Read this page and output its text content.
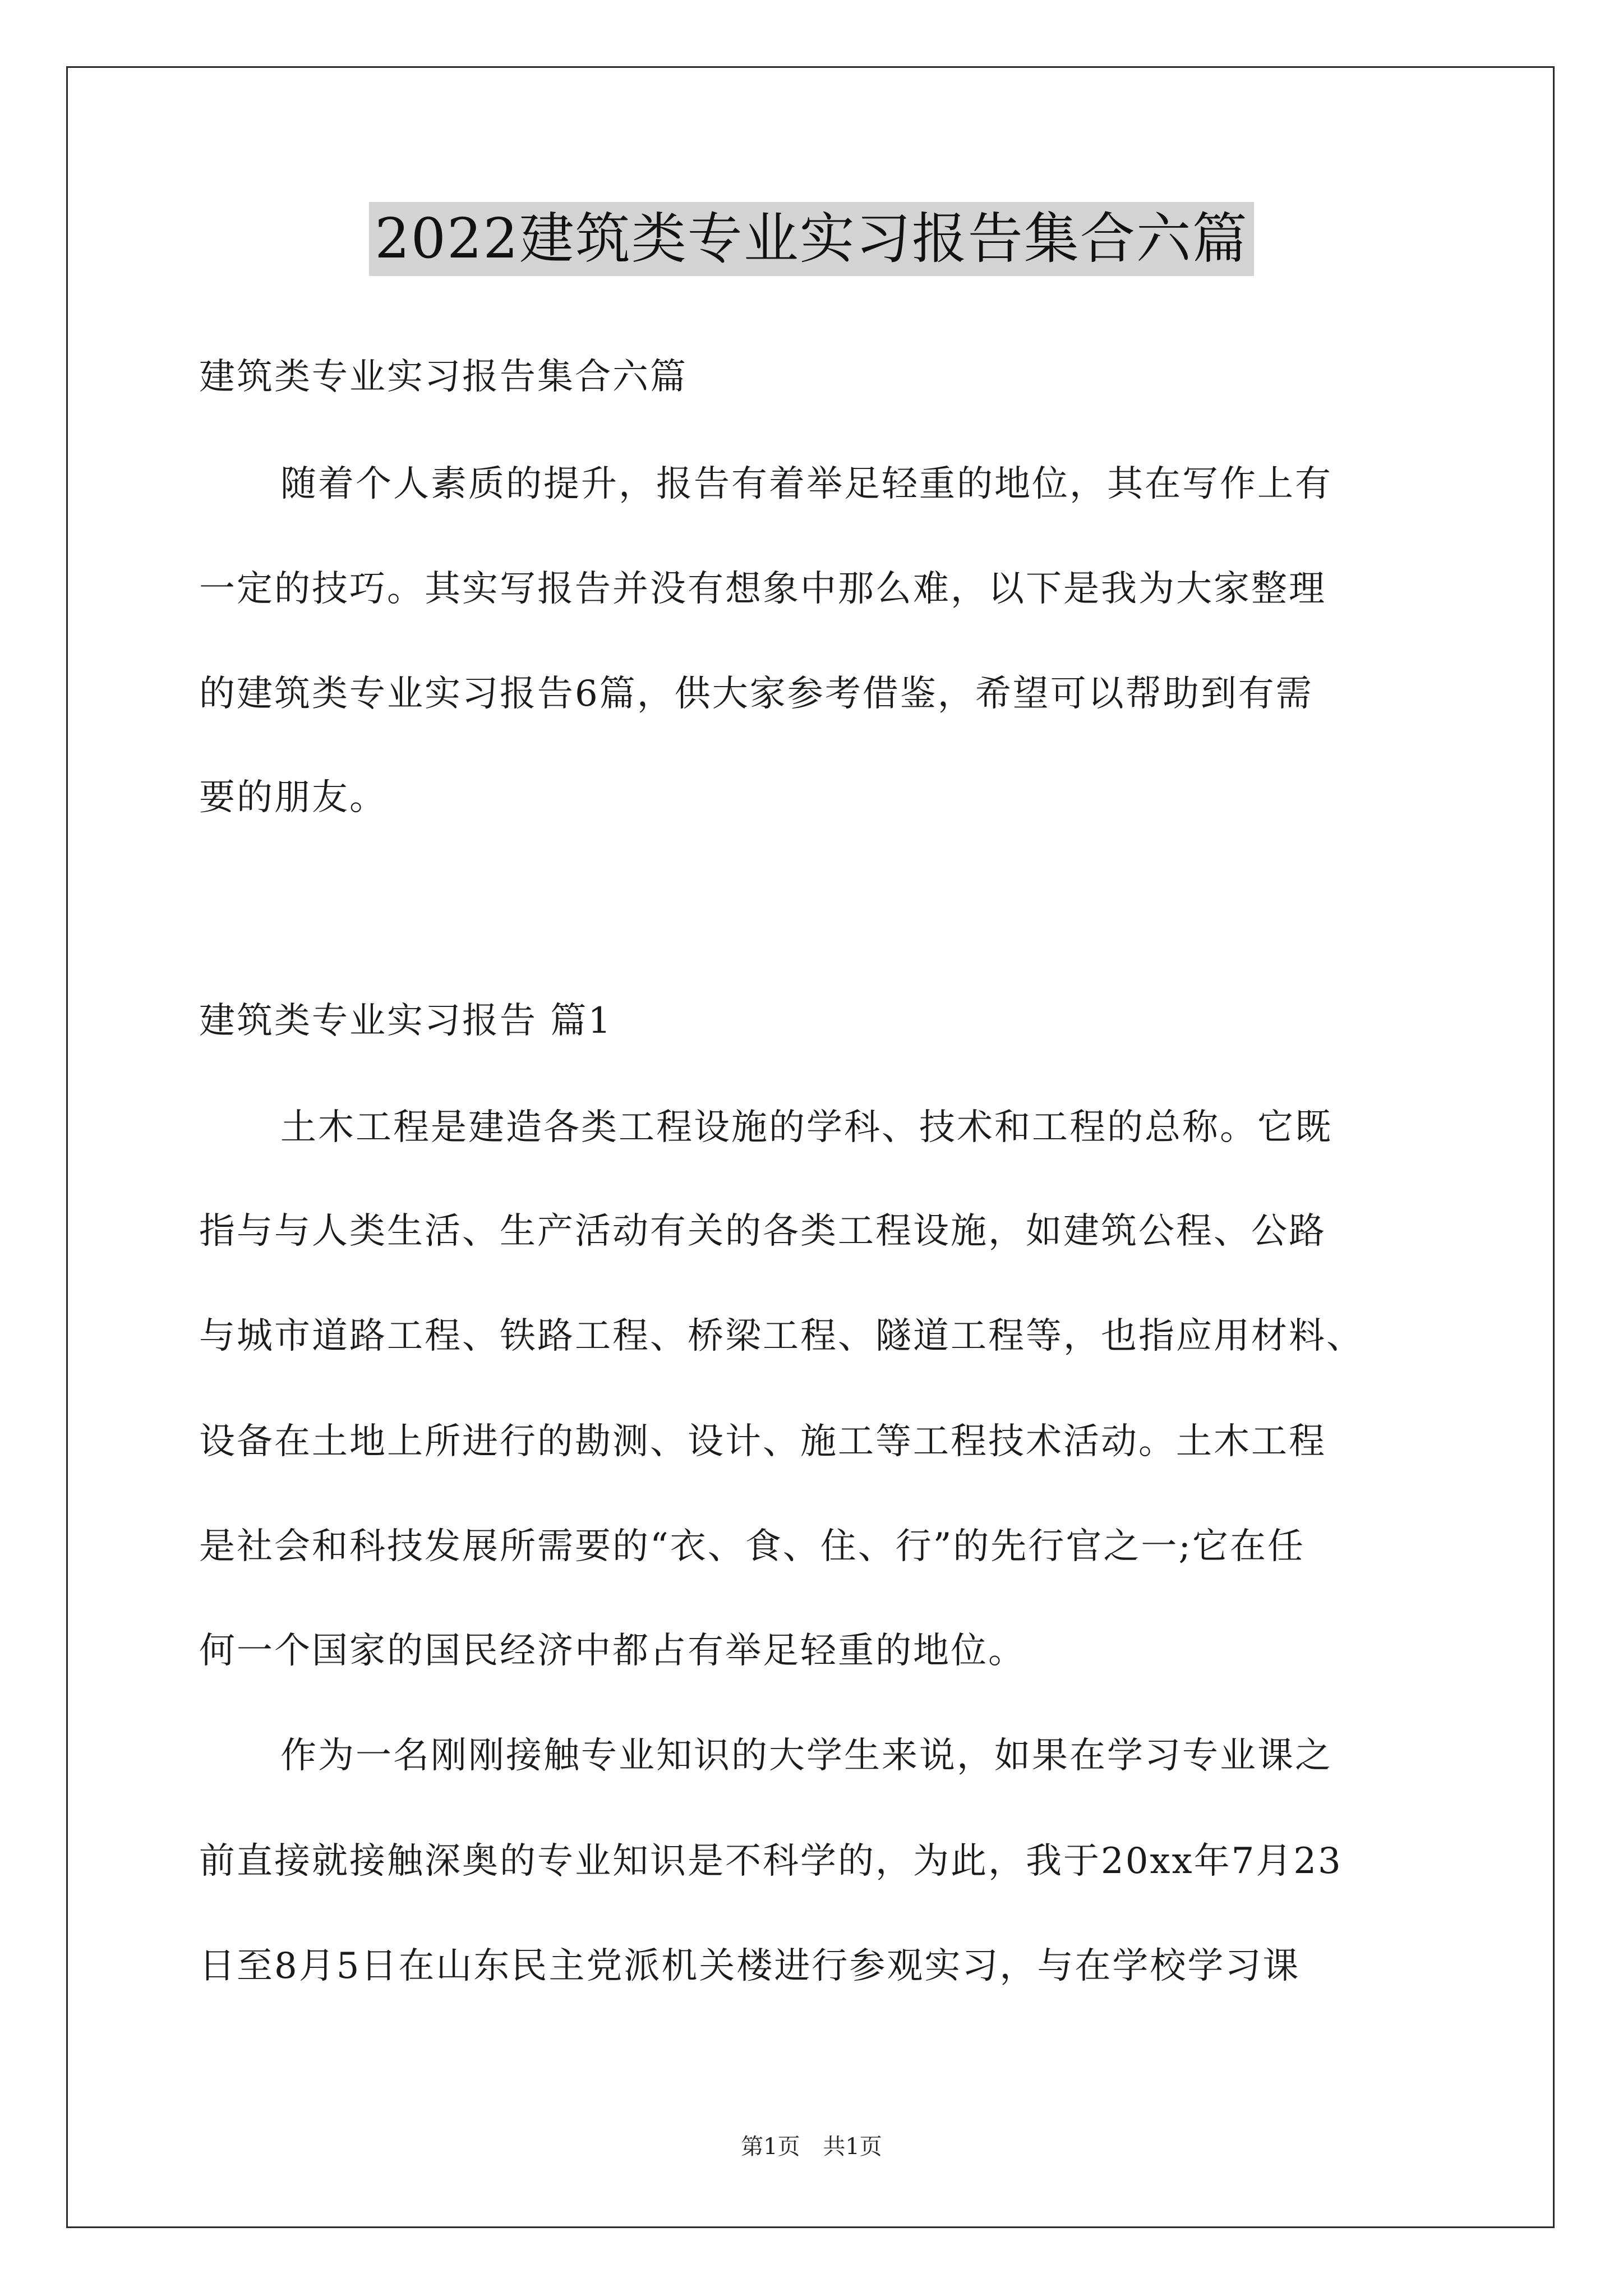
2022建筑类专业实习报告集合六篇
建筑类专业实习报告集合六篇
随着个人素质的提升，报告有着举足轻重的地位，其在写作上有
一定的技巧。其实写报告并没有想象中那么难，以下是我为大家整理
的建筑类专业实习报告6篇，供大家参考借鉴，希望可以帮助到有需
要的朋友。
建筑类专业实习报告 篇1
土木工程是建造各类工程设施的学科、技术和工程的总称。它既
指与与人类生活、生产活动有关的各类工程设施，如建筑公程、公路
与城市道路工程、铁路工程、桥梁工程、隧道工程等，也指应用材料、
设备在土地上所进行的勘测、设计、施工等工程技术活动。土木工程
是社会和科技发展所需要的“衣、食、住、行”的先行官之一;它在任
何一个国家的国民经济中都占有举足轻重的地位。
作为一名刚刚接触专业知识的大学生来说，如果在学习专业课之
前直接就接触深奥的专业知识是不科学的，为此，我于20xx年7月23
日至8月5日在山东民主党派机关楼进行参观实习，与在学校学习课
第1页 共1页
